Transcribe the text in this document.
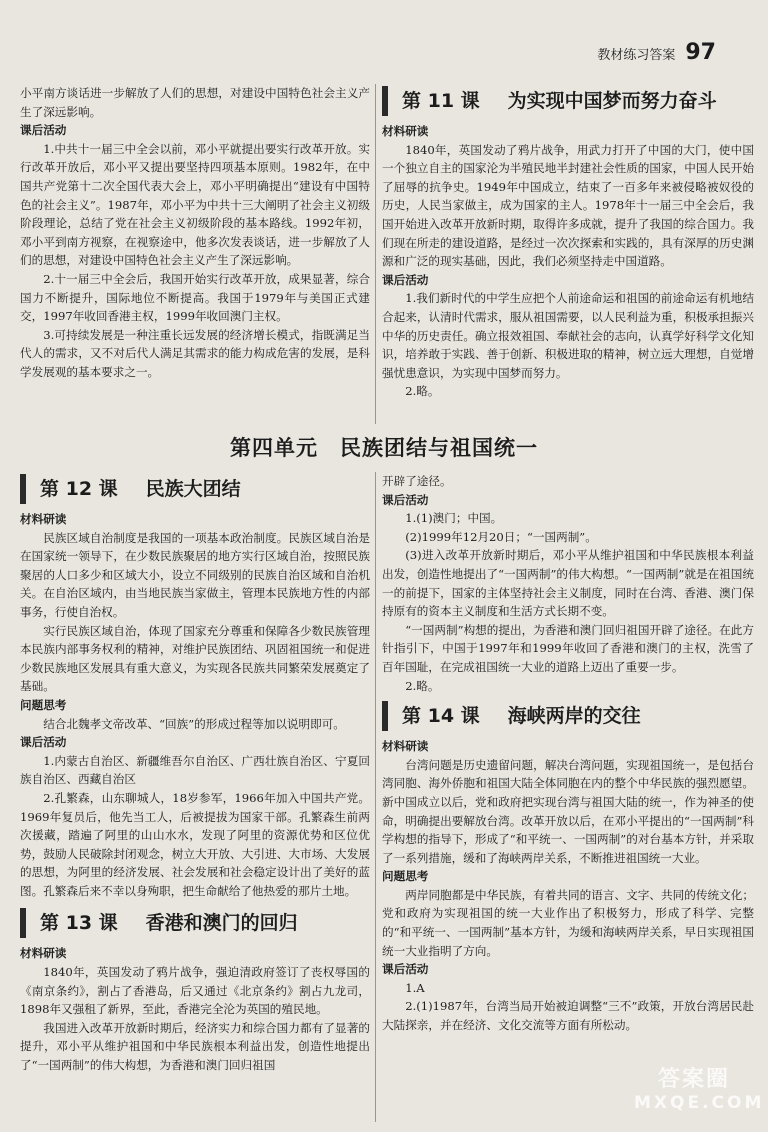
教材练习答案 97

小平南方谈话进一步解放了人们的思想，对建设中国特色社会主义产生了深远影响。

课后活动

1.中共十一届三中全会以前，邓小平就提出要实行改革开放。实行改革开放后，邓小平又提出要坚持四项基本原则。1982年，在中国共产党第十二次全国代表大会上，邓小平明确提出“建设有中国特色的社会主义”。1987年，邓小平为中共十三大阐明了社会主义初级阶段理论，总结了党在社会主义初级阶段的基本路线。1992年初，邓小平到南方视察，在视察途中，他多次发表谈话，进一步解放了人们的思想，对建设中国特色社会主义产生了深远影响。

2.十一届三中全会后，我国开始实行改革开放，成果显著，综合国力不断提升，国际地位不断提高。我国于1979年与美国正式建交，1997年收回香港主权，1999年收回澳门主权。

3.可持续发展是一种注重长远发展的经济增长模式，指既满足当代人的需求，又不对后代人满足其需求的能力构成危害的发展，是科学发展观的基本要求之一。

第 11 课 为实现中国梦而努力奋斗
材料研读

1840年，英国发动了鸦片战争，用武力打开了中国的大门，使中国一个独立自主的国家沦为半殖民地半封建社会性质的国家，中国人民开始了屈辱的抗争史。1949年中国成立，结束了一百多年来被侵略被奴役的历史，人民当家做主，成为国家的主人。1978年十一届三中全会后，我国开始进入改革开放新时期，取得许多成就，提升了我国的综合国力。我们现在所走的建设道路，是经过一次次探索和实践的，具有深厚的历史渊源和广泛的现实基础，因此，我们必须坚持走中国道路。

课后活动

1.我们新时代的中学生应把个人前途命运和祖国的前途命运有机地结合起来，认清时代需求，服从祖国需要，以人民利益为重，积极承担振兴中华的历史责任。确立报效祖国、奉献社会的志向，认真学好科学文化知识，培养敢于实践、善于创新、积极进取的精神，树立远大理想，自觉增强忧患意识，为实现中国梦而努力。

2.略。

第四单元 民族团结与祖国统一
第 12 课 民族大团结
材料研读

民族区域自治制度是我国的一项基本政治制度。民族区域自治是在国家统一领导下，在少数民族聚居的地方实行区域自治，按照民族聚居的人口多少和区域大小，设立不同级别的民族自治区域和自治机关。在自治区域内，由当地民族当家做主，管理本民族地方性的内部事务，行使自治权。

实行民族区域自治，体现了国家充分尊重和保障各少数民族管理本民族内部事务权利的精神，对维护民族团结、巩固祖国统一和促进少数民族地区发展具有重大意义，为实现各民族共同繁荣发展奠定了基础。

问题思考

结合北魏孝文帝改革、“回族”的形成过程等加以说明即可。

课后活动

1.内蒙古自治区、新疆维吾尔自治区、广西壮族自治区、宁夏回族自治区、西藏自治区

2.孔繁森，山东聊城人，18岁参军，1966年加入中国共产党。1969年复员后，他先当工人，后被提拔为国家干部。孔繁森生前两次援藏，踏遍了阿里的山山水水，发现了阿里的资源优势和区位优势，鼓励人民破除封闭观念，树立大开放、大引进、大市场、大发展的思想，为阿里的经济发展、社会发展和社会稳定设计出了美好的蓝图。孔繁森后来不幸以身殉职，把生命献给了他热爱的那片土地。

第 13 课 香港和澳门的回归
材料研读

1840年，英国发动了鸦片战争，强迫清政府签订了丧权辱国的《南京条约》，割占了香港岛，后又通过《北京条约》割占九龙司，1898年又强租了新界，至此，香港完全沦为英国的殖民地。

我国进入改革开放新时期后，经济实力和综合国力都有了显著的提升，邓小平从维护祖国和中华民族根本利益出发，创造性地提出了“一国两制”的伟大构想，为香港和澳门回归祖国

开辟了途径。

课后活动

1.(1)澳门；中国。

(2)1999年12月20日；“一国两制”。

(3)进入改革开放新时期后，邓小平从维护祖国和中华民族根本利益出发，创造性地提出了“一国两制”的伟大构想。“一国两制”就是在祖国统一的前提下，国家的主体坚持社会主义制度，同时在台湾、香港、澳门保持原有的资本主义制度和生活方式长期不变。

“一国两制”构想的提出，为香港和澳门回归祖国开辟了途径。在此方针指引下，中国于1997年和1999年收回了香港和澳门的主权，洗雪了百年国耻，在完成祖国统一大业的道路上迈出了重要一步。

2.略。

第 14 课 海峡两岸的交往
材料研读

台湾问题是历史遗留问题，解决台湾问题，实现祖国统一，是包括台湾同胞、海外侨胞和祖国大陆全体同胞在内的整个中华民族的强烈愿望。新中国成立以后，党和政府把实现台湾与祖国大陆的统一，作为神圣的使命，明确提出要解放台湾。改革开放以后，在邓小平提出的“一国两制”科学构想的指导下，形成了“和平统一、一国两制”的对台基本方针，并采取了一系列措施，缓和了海峡两岸关系，不断推进祖国统一大业。

问题思考

两岸同胞都是中华民族，有着共同的语言、文字、共同的传统文化；党和政府为实现祖国的统一大业作出了积极努力，形成了科学、完整的“和平统一、一国两制”基本方针，为缓和海峡两岸关系，早日实现祖国统一大业指明了方向。

课后活动

1.A

2.(1)1987年，台湾当局开始被迫调整“三不”政策，开放台湾居民赴大陆探亲，并在经济、文化交流等方面有所松动。

答案圈
MXQE.COM
